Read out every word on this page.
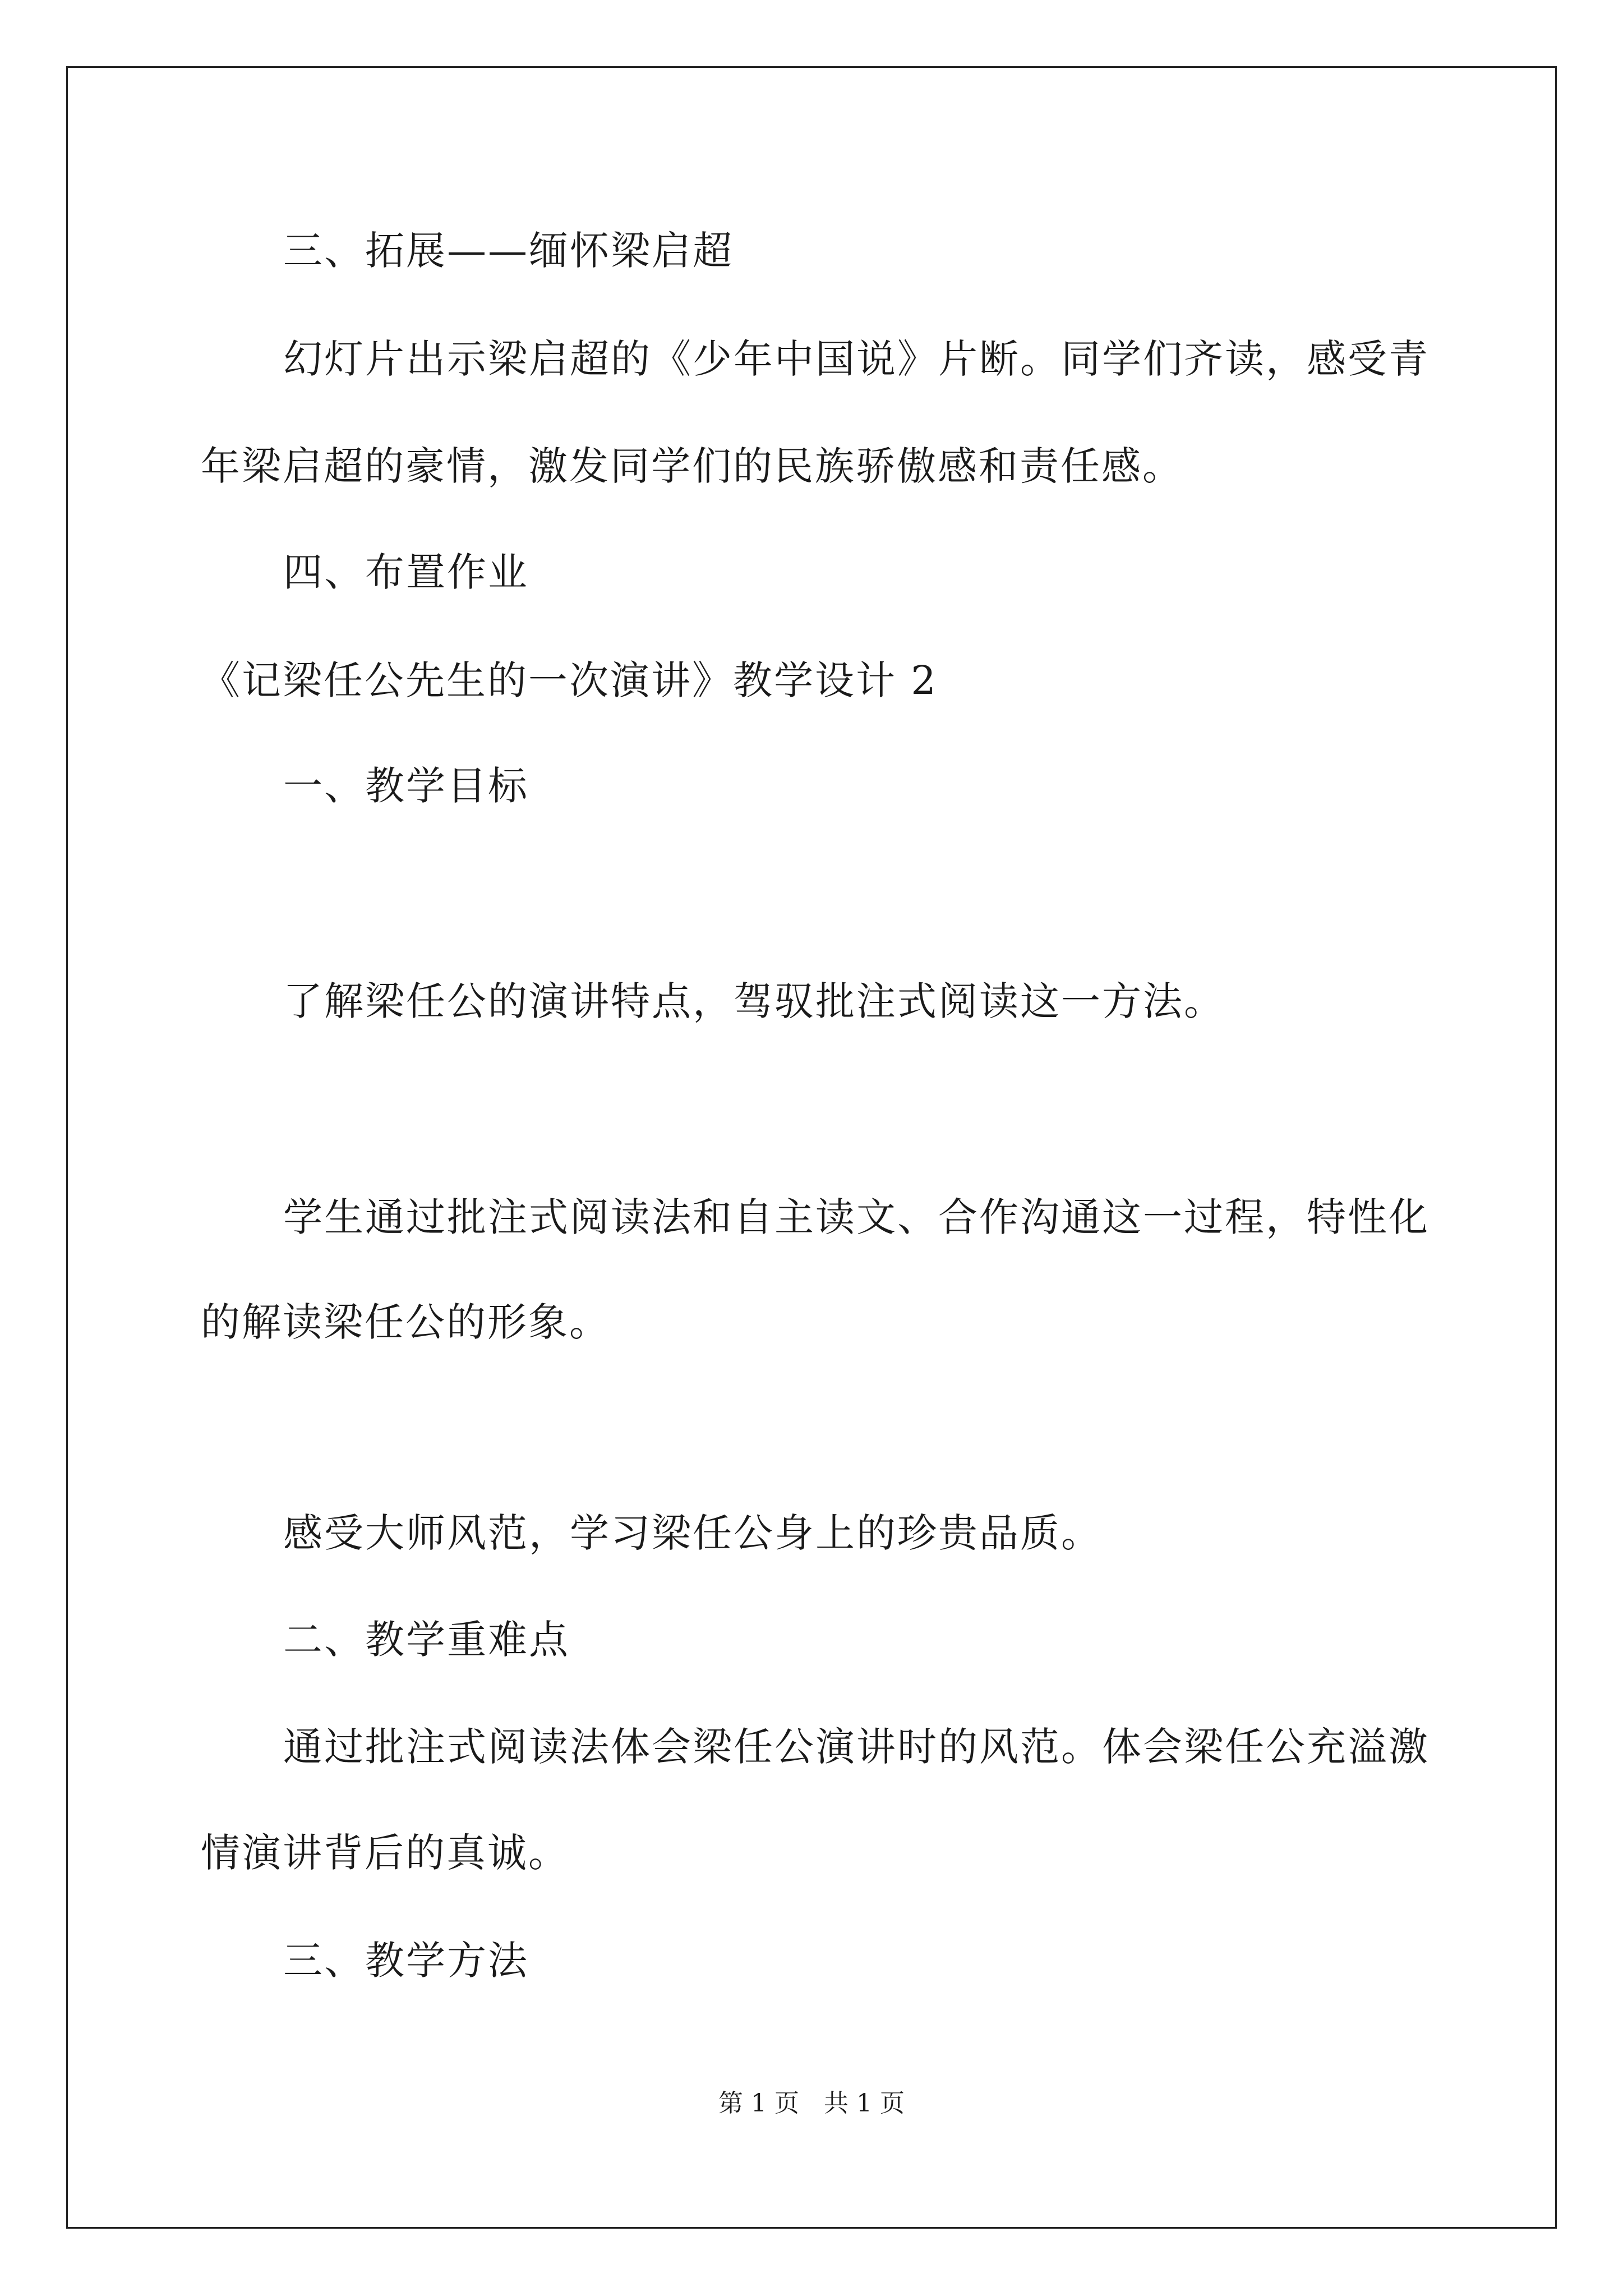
三、拓展——缅怀梁启超

幻灯片出示梁启超的《少年中国说》片断。同学们齐读，感受青

年梁启超的豪情，激发同学们的民族骄傲感和责任感。

四、布置作业

《记梁任公先生的一次演讲》教学设计 2

一、教学目标

了解梁任公的演讲特点，驾驭批注式阅读这一方法。

学生通过批注式阅读法和自主读文、合作沟通这一过程，特性化

的解读梁任公的形象。

感受大师风范，学习梁任公身上的珍贵品质。

二、教学重难点

通过批注式阅读法体会梁任公演讲时的风范。体会梁任公充溢激

情演讲背后的真诚。

三、教学方法

第 1 页 共 1 页
